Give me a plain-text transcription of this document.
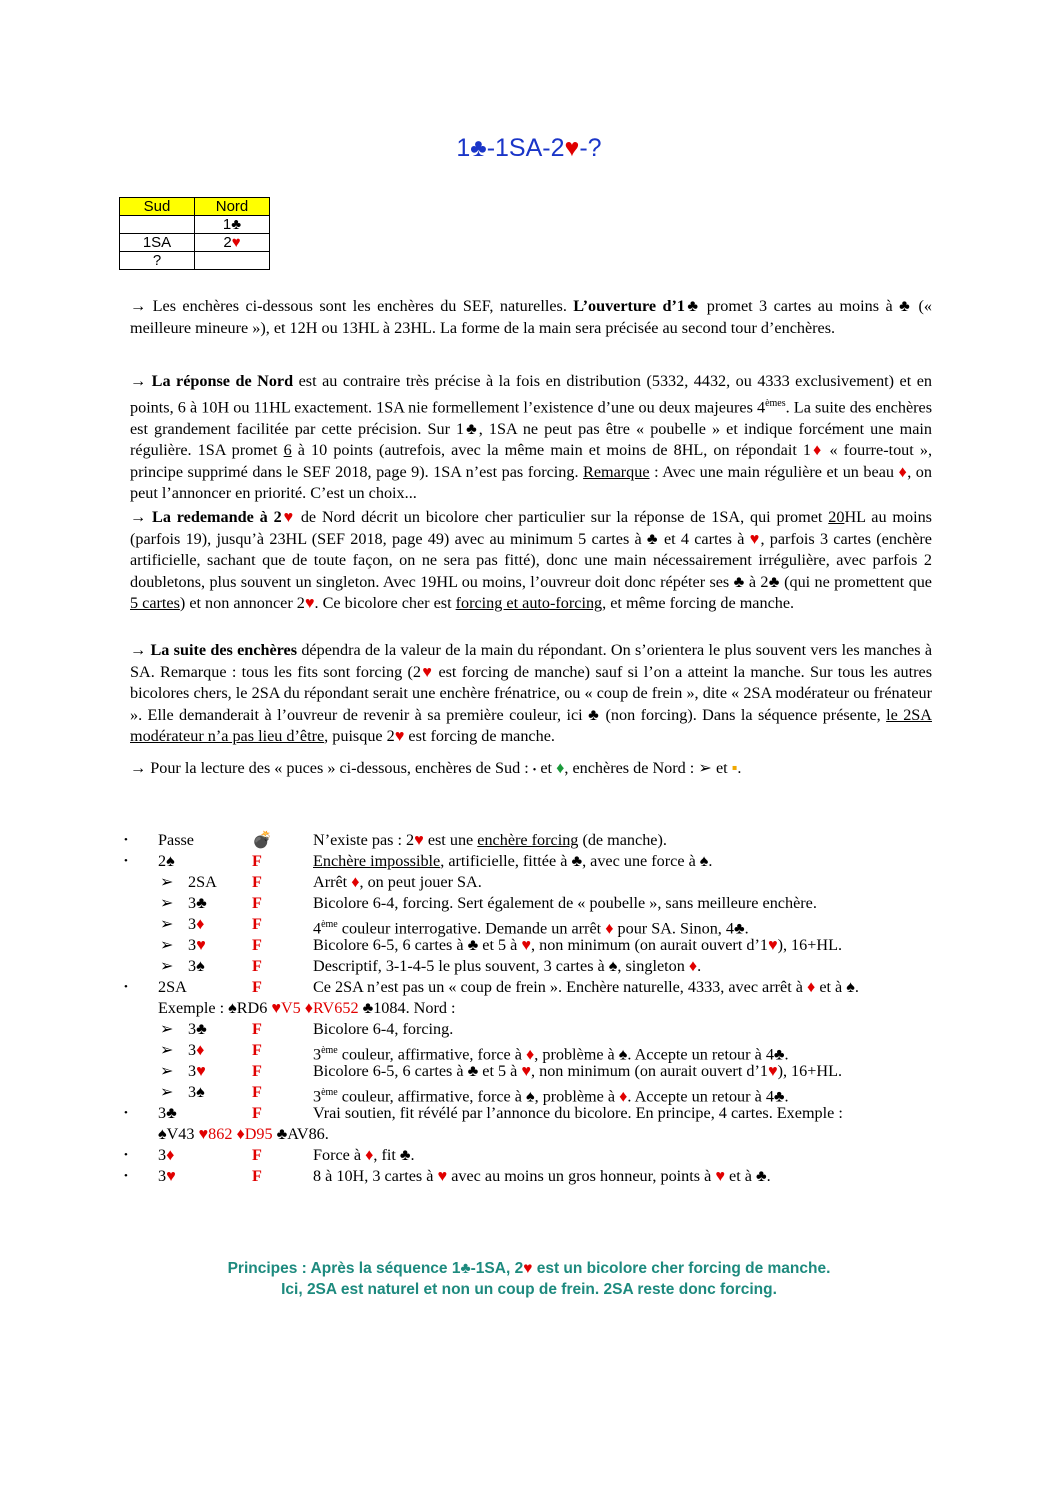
1♣-1SA-2♥-?
Sud	Nord
	1♣
1SA	2♥
?	

→ Les enchères ci-dessous sont les enchères du SEF, naturelles. L’ouverture d’1♣ promet 3 cartes au moins à ♣ (« meilleure mineure »), et 12H ou 13HL à 23HL. La forme de la main sera précisée au second tour d’enchères.

→ La réponse de Nord est au contraire très précise à la fois en distribution (5332, 4432, ou 4333 exclusivement) et en points, 6 à 10H ou 11HL exactement. 1SA nie formellement l’existence d’une ou deux majeures 4èmes. La suite des enchères est grandement facilitée par cette précision. Sur 1♣, 1SA ne peut pas être « poubelle » et indique forcément une main régulière. 1SA promet 6 à 10 points (autrefois, avec la même main et moins de 8HL, on répondait 1♦ « fourre-tout », principe supprimé dans le SEF 2018, page 9). 1SA n’est pas forcing. Remarque : Avec une main régulière et un beau ♦, on peut l’annoncer en priorité. C’est un choix...

→ La redemande à 2♥ de Nord décrit un bicolore cher particulier sur la réponse de 1SA, qui promet 20HL au moins (parfois 19), jusqu’à 23HL (SEF 2018, page 49) avec au minimum 5 cartes à ♣ et 4 cartes à ♥, parfois 3 cartes (enchère artificielle, sachant que de toute façon, on ne sera pas fitté), donc une main nécessairement irrégulière, avec parfois 2 doubletons, plus souvent un singleton. Avec 19HL ou moins, l’ouvreur doit donc répéter ses ♣ à 2♣ (qui ne promettent que 5 cartes) et non annoncer 2♥. Ce bicolore cher est forcing et auto-forcing, et même forcing de manche.

→ La suite des enchères dépendra de la valeur de la main du répondant. On s’orientera le plus souvent vers les manches à SA. Remarque : tous les fits sont forcing (2♥ est forcing de manche) sauf si l’on a atteint la manche. Sur tous les autres bicolores chers, le 2SA du répondant serait une enchère frénatrice, ou « coup de frein », dite « 2SA modérateur ou frénateur ». Elle demanderait à l’ouvreur de revenir à sa première couleur, ici ♣ (non forcing). Dans la séquence présente, le 2SA modérateur n’a pas lieu d’être, puisque 2♥ est forcing de manche.

→ Pour la lecture des « puces » ci-dessous, enchères de Sud : • et ♦, enchères de Nord : ➢ et ▪.

• Passe	💣	N’existe pas : 2♥ est une enchère forcing (de manche).
• 2♠	F	Enchère impossible, artificielle, fittée à ♣, avec une force à ♠.
➢ 2SA F	Arrêt ♦, on peut jouer SA.
➢ 3♣	F	Bicolore 6-4, forcing. Sert également de « poubelle », sans meilleure enchère.
➢ 3♦	F	4ème couleur interrogative. Demande un arrêt ♦ pour SA. Sinon, 4♣.
➢ 3♥	F	Bicolore 6-5, 6 cartes à ♣ et 5 à ♥, non minimum (on aurait ouvert d’1♥), 16+HL.
➢ 3♠	F	Descriptif, 3-1-4-5 le plus souvent, 3 cartes à ♠, singleton ♦.
• 2SA	F	Ce 2SA n’est pas un « coup de frein ». Enchère naturelle, 4333, avec arrêt à ♦ et à ♠.
Exemple : ♠RD6 ♥V5 ♦RV652 ♣1084. Nord :
➢ 3♣	F	Bicolore 6-4, forcing.
➢ 3♦	F	3ème couleur, affirmative, force à ♦, problème à ♠. Accepte un retour à 4♣.
➢ 3♥	F	Bicolore 6-5, 6 cartes à ♣ et 5 à ♥, non minimum (on aurait ouvert d’1♥), 16+HL.
➢ 3♠	F	3ème couleur, affirmative, force à ♠, problème à ♦. Accepte un retour à 4♣.
• 3♣	F	Vrai soutien, fit révélé par l’annonce du bicolore. En principe, 4 cartes. Exemple :
♠V43 ♥862 ♦D95 ♣AV86.
• 3♦	F	Force à ♦, fit ♣.
• 3♥	F	8 à 10H, 3 cartes à ♥ avec au moins un gros honneur, points à ♥ et à ♣.
Principes : Après la séquence 1♣-1SA, 2♥ est un bicolore cher forcing de manche.
Ici, 2SA est naturel et non un coup de frein. 2SA reste donc forcing.
